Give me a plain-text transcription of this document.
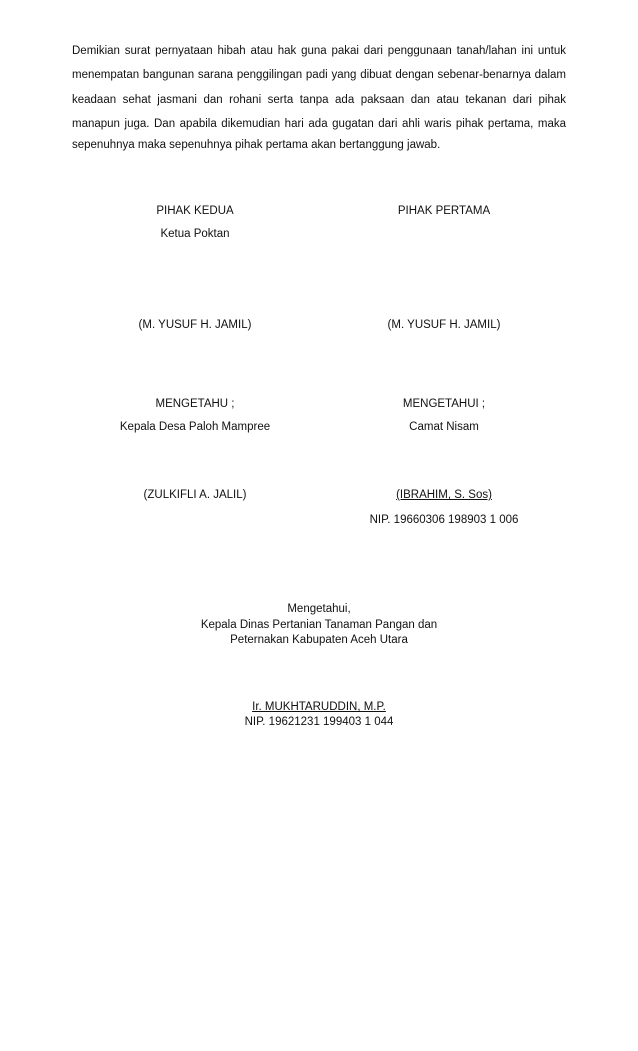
Demikian surat pernyataan hibah atau hak guna pakai dari penggunaan tanah/lahan ini untuk
menempatan bangunan sarana penggilingan padi yang dibuat dengan sebenar-benarnya dalam
keadaan sehat jasmani dan rohani serta tanpa ada paksaan dan atau tekanan dari pihak
manapun juga. Dan apabila dikemudian hari ada gugatan dari ahli waris pihak pertama, maka
sepenuhnya maka sepenuhnya pihak pertama akan bertanggung jawab.
PIHAK KEDUA
Ketua Poktan
(M. YUSUF H. JAMIL)
PIHAK PERTAMA
(M. YUSUF H. JAMIL)
MENGETAHU ;
Kepala Desa Paloh Mampree
(ZULKIFLI A. JALIL)
MENGETAHUI ;
Camat Nisam
(IBRAHIM, S. Sos)
NIP. 19660306 198903 1 006
Mengetahui,
Kepala Dinas Pertanian Tanaman Pangan dan
Peternakan Kabupaten Aceh Utara
Ir. MUKHTARUDDIN, M.P.
NIP. 19621231 199403 1 044
